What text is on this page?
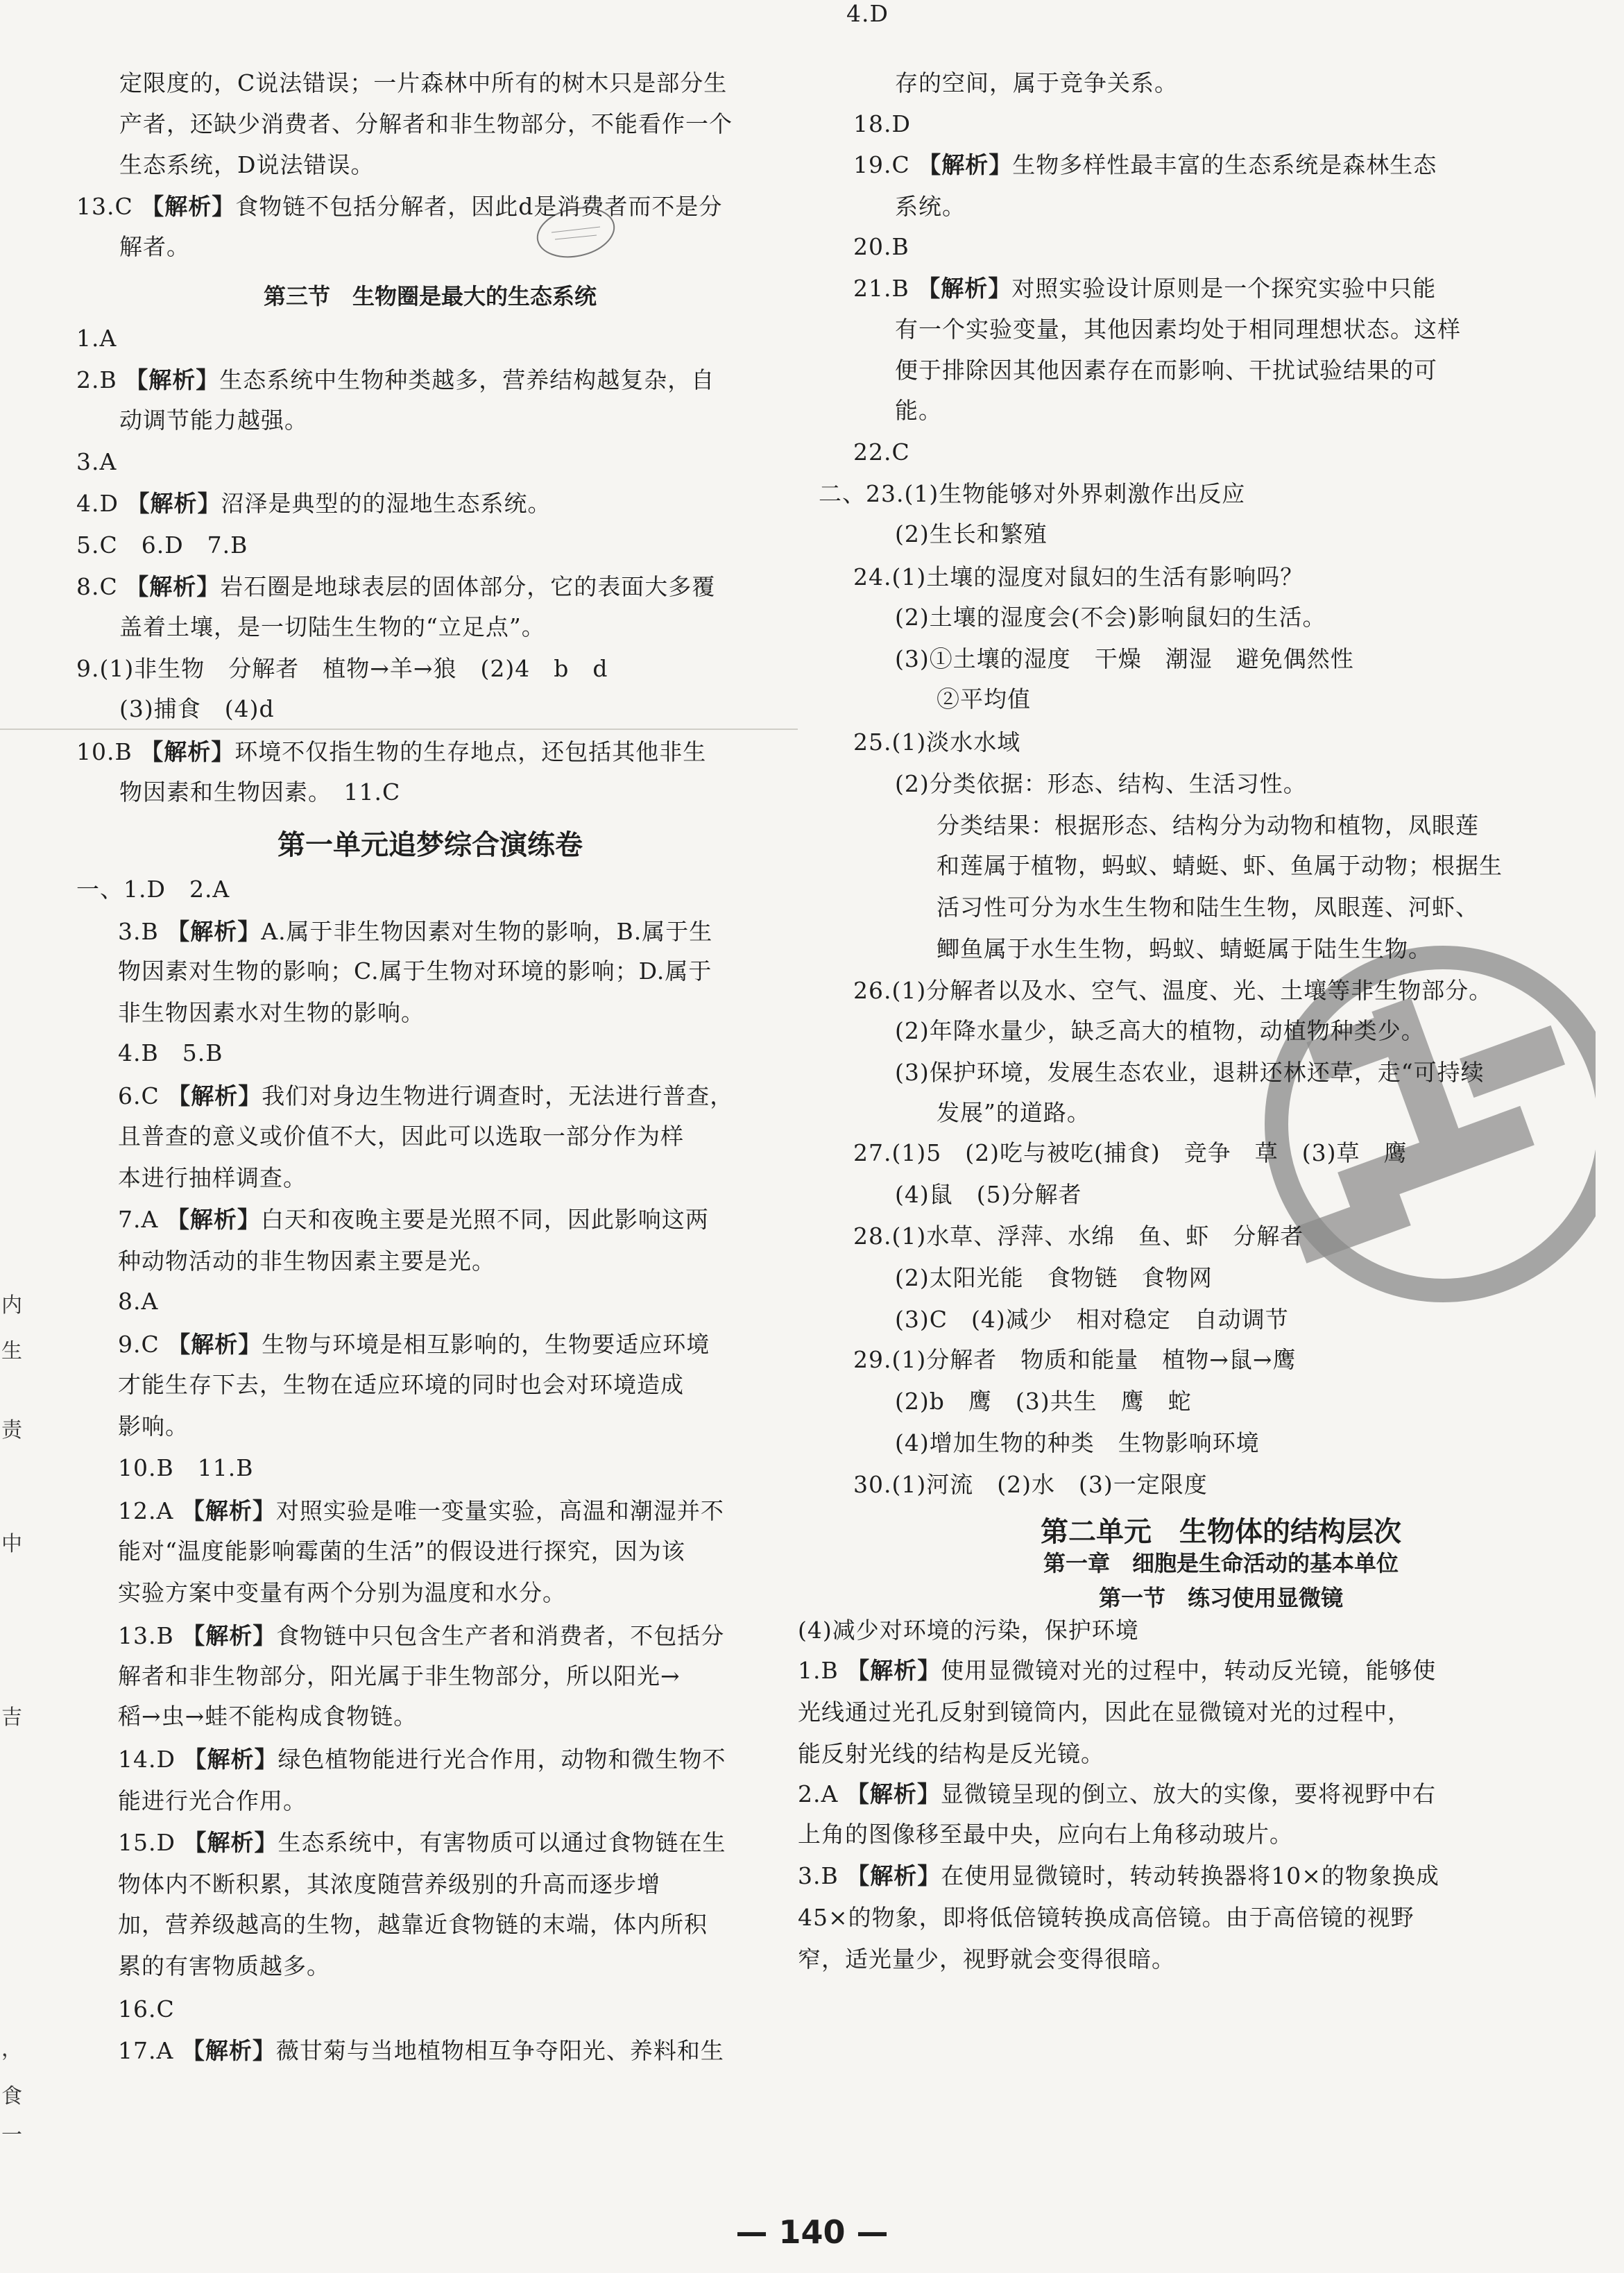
定限度的，C说法错误；一片森林中所有的树木只是部分生
产者，还缺少消费者、分解者和非生物部分，不能看作一个
生态系统，D说法错误。
13.C 【解析】食物链不包括分解者，因此d是消费者而不是分
解者。
1.A
2.B 【解析】生态系统中生物种类越多，营养结构越复杂，自
动调节能力越强。
3.A
4.D 【解析】沼泽是典型的的湿地生态系统。
5.C　6.D　7.B
8.C 【解析】岩石圈是地球表层的固体部分，它的表面大多覆
盖着土壤，是一切陆生生物的“立足点”。
9.(1)非生物　分解者　植物→羊→狼　(2)4　b　d
(3)捕食　(4)d
10.B 【解析】环境不仅指生物的生存地点，还包括其他非生
物因素和生物因素。　11.C
一、1.D　2.A
3.B 【解析】A.属于非生物因素对生物的影响，B.属于生
物因素对生物的影响；C.属于生物对环境的影响；D.属于
非生物因素水对生物的影响。
4.B　5.B
6.C 【解析】我们对身边生物进行调查时，无法进行普查，
且普查的意义或价值不大，因此可以选取一部分作为样
本进行抽样调查。
7.A 【解析】白天和夜晚主要是光照不同，因此影响这两
种动物活动的非生物因素主要是光。
8.A
9.C 【解析】生物与环境是相互影响的，生物要适应环境
才能生存下去，生物在适应环境的同时也会对环境造成
影响。
10.B　11.B
12.A 【解析】对照实验是唯一变量实验，高温和潮湿并不
能对“温度能影响霉菌的生活”的假设进行探究，因为该
实验方案中变量有两个分别为温度和水分。
13.B 【解析】食物链中只包含生产者和消费者，不包括分
解者和非生物部分，阳光属于非生物部分，所以阳光→
稻→虫→蛙不能构成食物链。
14.D 【解析】绿色植物能进行光合作用，动物和微生物不
能进行光合作用。
15.D 【解析】生态系统中，有害物质可以通过食物链在生
物体内不断积累，其浓度随营养级别的升高而逐步增
加，营养级越高的生物，越靠近食物链的末端，体内所积
累的有害物质越多。
16.C
17.A 【解析】薇甘菊与当地植物相互争夺阳光、养料和生
第三节　生物圈是最大的生态系统
第一单元追梦综合演练卷
存的空间，属于竞争关系。
18.D
19.C 【解析】生物多样性最丰富的生态系统是森林生态
系统。
20.B
21.B 【解析】对照实验设计原则是一个探究实验中只能
有一个实验变量，其他因素均处于相同理想状态。这样
便于排除因其他因素存在而影响、干扰试验结果的可
能。
22.C
二、23.(1)生物能够对外界刺激作出反应
(2)生长和繁殖
24.(1)土壤的湿度对鼠妇的生活有影响吗？
(2)土壤的湿度会(不会)影响鼠妇的生活。
(3)①土壤的湿度　干燥　潮湿　避免偶然性
②平均值
25.(1)淡水水域
(2)分类依据：形态、结构、生活习性。
分类结果：根据形态、结构分为动物和植物，凤眼莲
和莲属于植物，蚂蚁、蜻蜓、虾、鱼属于动物；根据生
活习性可分为水生生物和陆生生物，凤眼莲、河虾、
鲫鱼属于水生生物，蚂蚁、蜻蜓属于陆生生物。
26.(1)分解者以及水、空气、温度、光、土壤等非生物部分。
(2)年降水量少，缺乏高大的植物，动植物种类少。
(3)保护环境，发展生态农业，退耕还林还草，走“可持续
发展”的道路。
27.(1)5　(2)吃与被吃(捕食)　竞争　草　(3)草　鹰
(4)鼠　(5)分解者
28.(1)水草、浮萍、水绵　鱼、虾　分解者
(2)太阳光能　食物链　食物网
(3)C　(4)减少　相对稳定　自动调节
29.(1)分解者　物质和能量　植物→鼠→鹰
(2)b　鹰　(3)共生　鹰　蛇
(4)增加生物的种类　生物影响环境
30.(1)河流　(2)水　(3)一定限度
(4)减少对环境的污染，保护环境
1.B 【解析】使用显微镜对光的过程中，转动反光镜，能够使
光线通过光孔反射到镜筒内，因此在显微镜对光的过程中，
能反射光线的结构是反光镜。
2.A 【解析】显微镜呈现的倒立、放大的实像，要将视野中右
上角的图像移至最中央，应向右上角移动玻片。
3.B 【解析】在使用显微镜时，转动转换器将10×的物象换成
45×的物象，即将低倍镜转换成高倍镜。由于高倍镜的视野
窄，适光量少，视野就会变得很暗。
4.D
第二单元　生物体的结构层次
第一章　细胞是生命活动的基本单位
第一节　练习使用显微镜
— 140 —
内
生
责
中
吉
，
食
一
